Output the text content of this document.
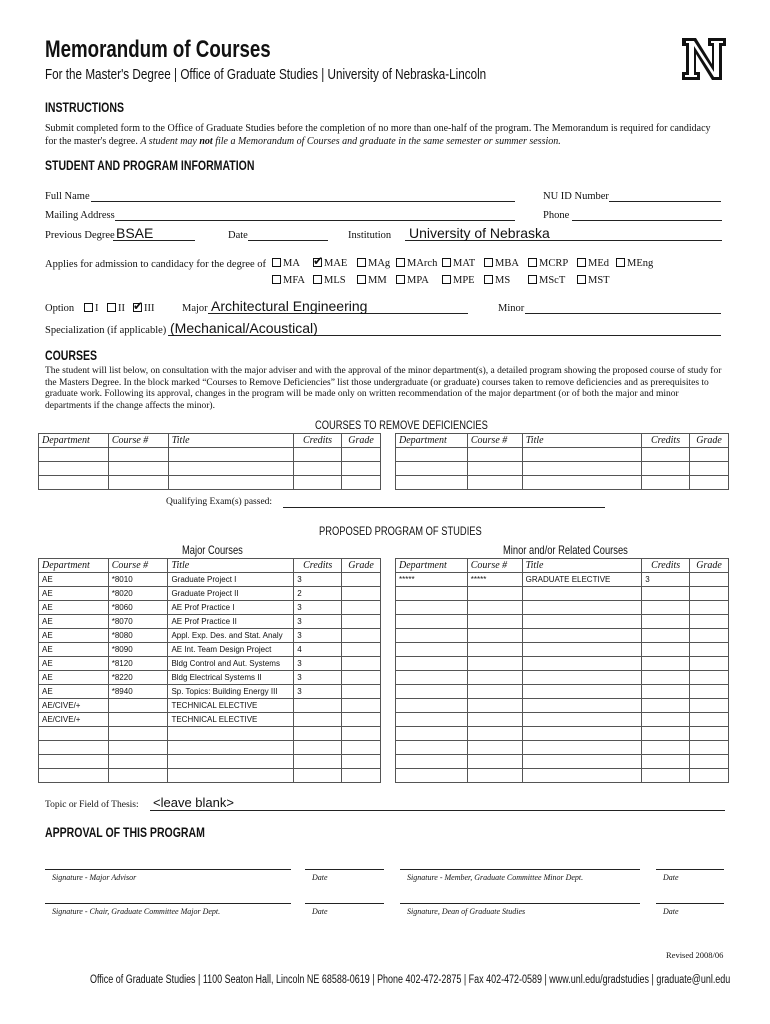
Memorandum of Courses
For the Master's Degree | Office of Graduate Studies | University of Nebraska-Lincoln
INSTRUCTIONS
Submit completed form to the Office of Graduate Studies before the completion of no more than one-half of the program. The Memorandum is required for candidacy
for the master's degree. A student may not file a Memorandum of Courses and graduate in the same semester or summer session.
STUDENT AND PROGRAM INFORMATION
Full Name	NU ID Number
Mailing Address	Phone
Previous Degree BSAE	Date	Institution University of Nebraska
Applies for admission to candidacy for the degree of	MA ✔	MAE	MAg	MArch	MAT	MBA	MCRP	MEd	MEng
MFA	MLS	MM	MPA	MPE	MS	MScT	MST
Option	I	II ✔	III	Major Architectural Engineering	Minor
Specialization (if applicable) (Mechanical/Acoustical)
COURSES
The student will list below, on consultation with the major adviser and with the approval of the minor department(s), a detailed program showing the proposed course of study for the Masters Degree. In the block marked “Courses to Remove Deficiencies” list those undergraduate (or graduate) courses taken to remove deficiencies and as prerequisites to graduate work. Following its approval, changes in the program will be made only on written recommendation of the major department (or of both the major and minor departments if the change affects the minor).
COURSES TO REMOVE DEFICIENCIES
Department	Course #	Title	Credits	Grade

					Department	Course #	Title	Credits	Grade

Qualifying Exam(s) passed:
PROPOSED PROGRAM OF STUDIES
Major Courses	Minor and/or Related Courses
Department	Course #	Title	Credits	Grade
AE	*8010	Graduate Project I	3	
AE	*8020	Graduate Project II	2	
AE	*8060	AE Prof Practice I	3	
AE	*8070	AE Prof Practice II	3	
AE	*8080	Appl. Exp. Des. and Stat. Analy	3	
AE	*8090	AE Int. Team Design Project	4	
AE	*8120	Bldg Control and Aut. Systems	3	
AE	*8220	Bldg Electrical Systems II	3	
AE	*8940	Sp. Topics: Building Energy III	3	
AE/CIVE/+		TECHNICAL ELECTIVE		
AE/CIVE/+		TECHNICAL ELECTIVE		

Department	Course #	Title	Credits	Grade
*****	*****	GRADUATE ELECTIVE	3	

Topic or Field of Thesis: <leave blank>
APPROVAL OF THIS PROGRAM
Signature - Major Advisor	Date	Signature - Member, Graduate Committee Minor Dept.	Date
Signature - Chair, Graduate Committee Major Dept.	Date	Signature, Dean of Graduate Studies	Date
Revised 2008/06
Office of Graduate Studies | 1100 Seaton Hall, Lincoln NE 68588-0619 | Phone 402-472-2875 | Fax 402-472-0589 | www.unl.edu/gradstudies | graduate@unl.edu
